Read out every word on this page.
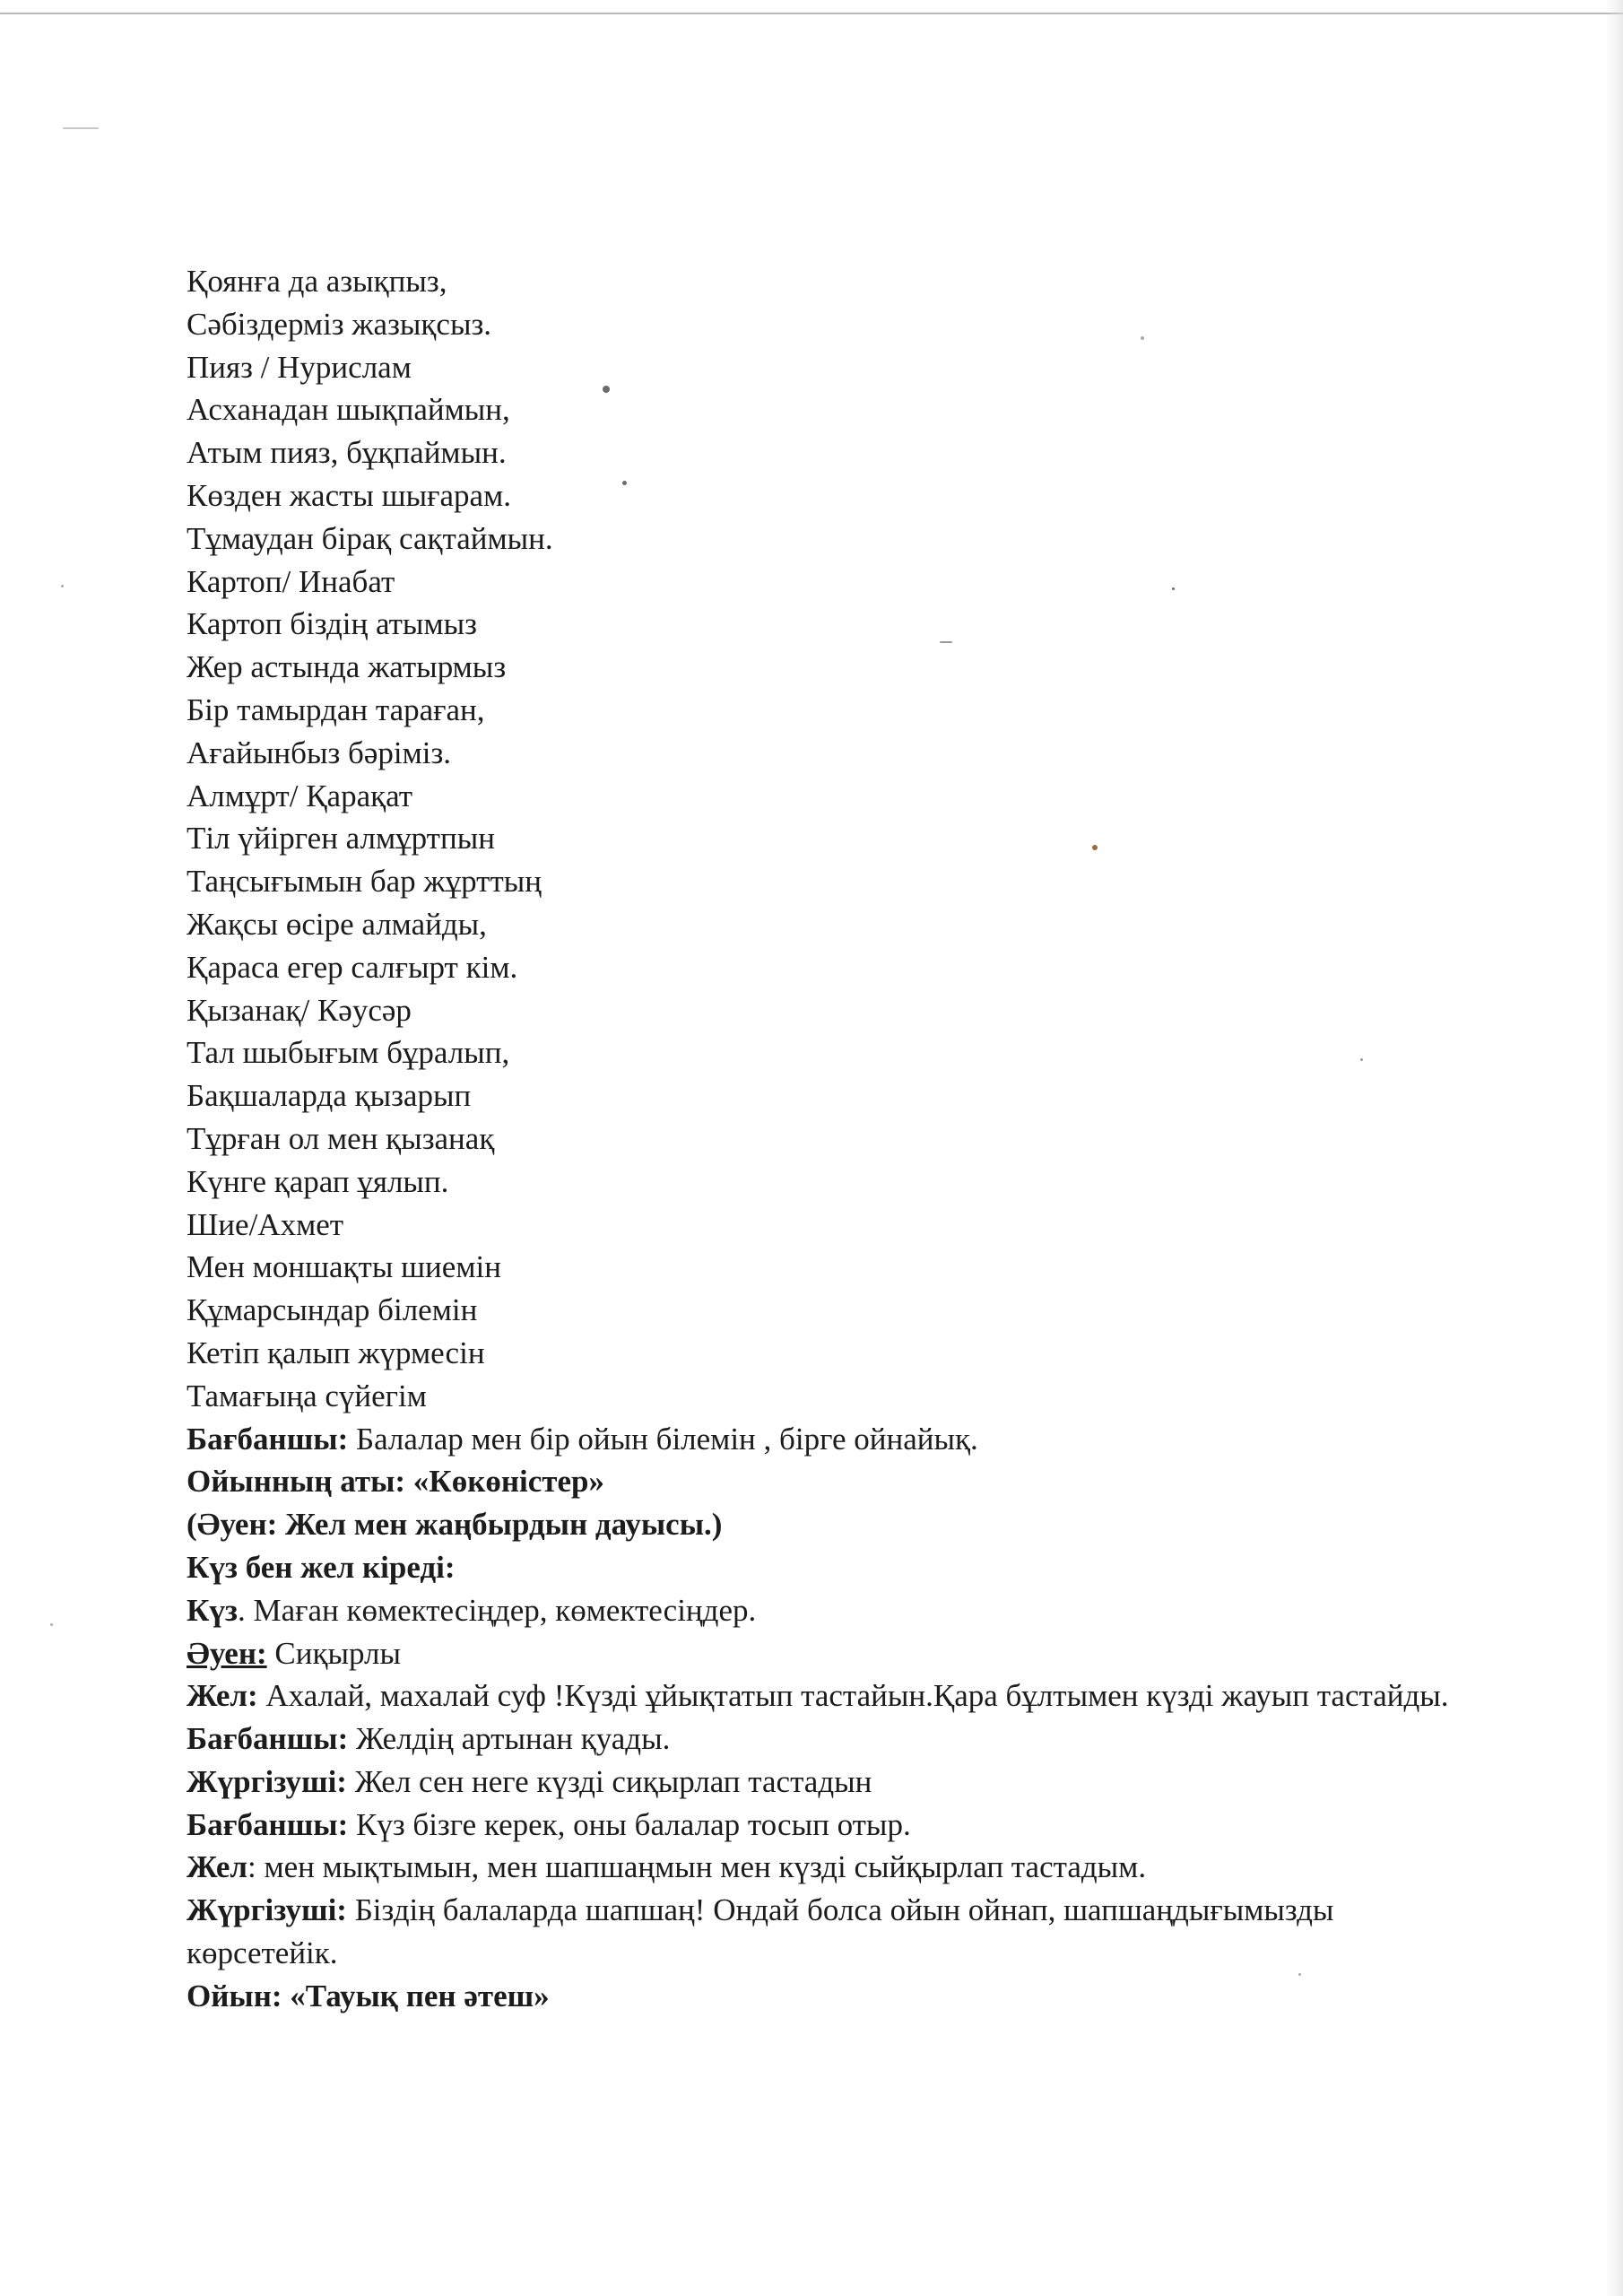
Қоянға да азықпыз,
Сәбіздерміз жазықсыз.
Пияз / Нурислам
Асханадан шықпаймын,
Атым пияз, бұқпаймын.
Көзден жасты шығарам.
Тұмаудан бірақ сақтаймын.
Картоп/ Инабат
Картоп біздің атымыз
Жер астында жатырмыз
Бір тамырдан тараған,
Ағайынбыз бәріміз.
Алмұрт/ Қарақат
Тіл үйірген алмұртпын
Таңсығымын бар жұрттың
Жақсы өсіре алмайды,
Қараса егер салғырт кім.
Қызанақ/ Кәусәр
Тал шыбығым бұралып,
Бақшаларда қызарып
Тұрған ол мен қызанақ
Күнге қарап ұялып.
Шие/Ахмет
Мен моншақты шиемін
Құмарсындар білемін
Кетіп қалып жүрмесін
Тамағыңа сүйегім
Бағбаншы: Балалар мен бір ойын білемін , бірге ойнайық.
Ойынның аты: «Көкөністер»
(Әуен: Жел мен жаңбырдын дауысы.)
Күз бен жел кіреді:
Күз. Маған көмектесіңдер, көмектесіңдер.
Әуен: Сиқырлы
Жел: Ахалай, махалай суф !Күзді ұйықтатып тастайын.Қара бұлтымен күзді жауып тастайды.
Бағбаншы: Желдің артынан қуады.
Жүргізуші: Жел сен неге күзді сиқырлап тастадын
Бағбаншы: Күз бізге керек, оны балалар тосып отыр.
Жел: мен мықтымын, мен шапшаңмын мен күзді сыйқырлап тастадым.
Жүргізуші: Біздің балаларда шапшаң! Ондай болса ойын ойнап, шапшаңдығымызды көрсетейік.
Ойын: «Тауық пен әтеш»
